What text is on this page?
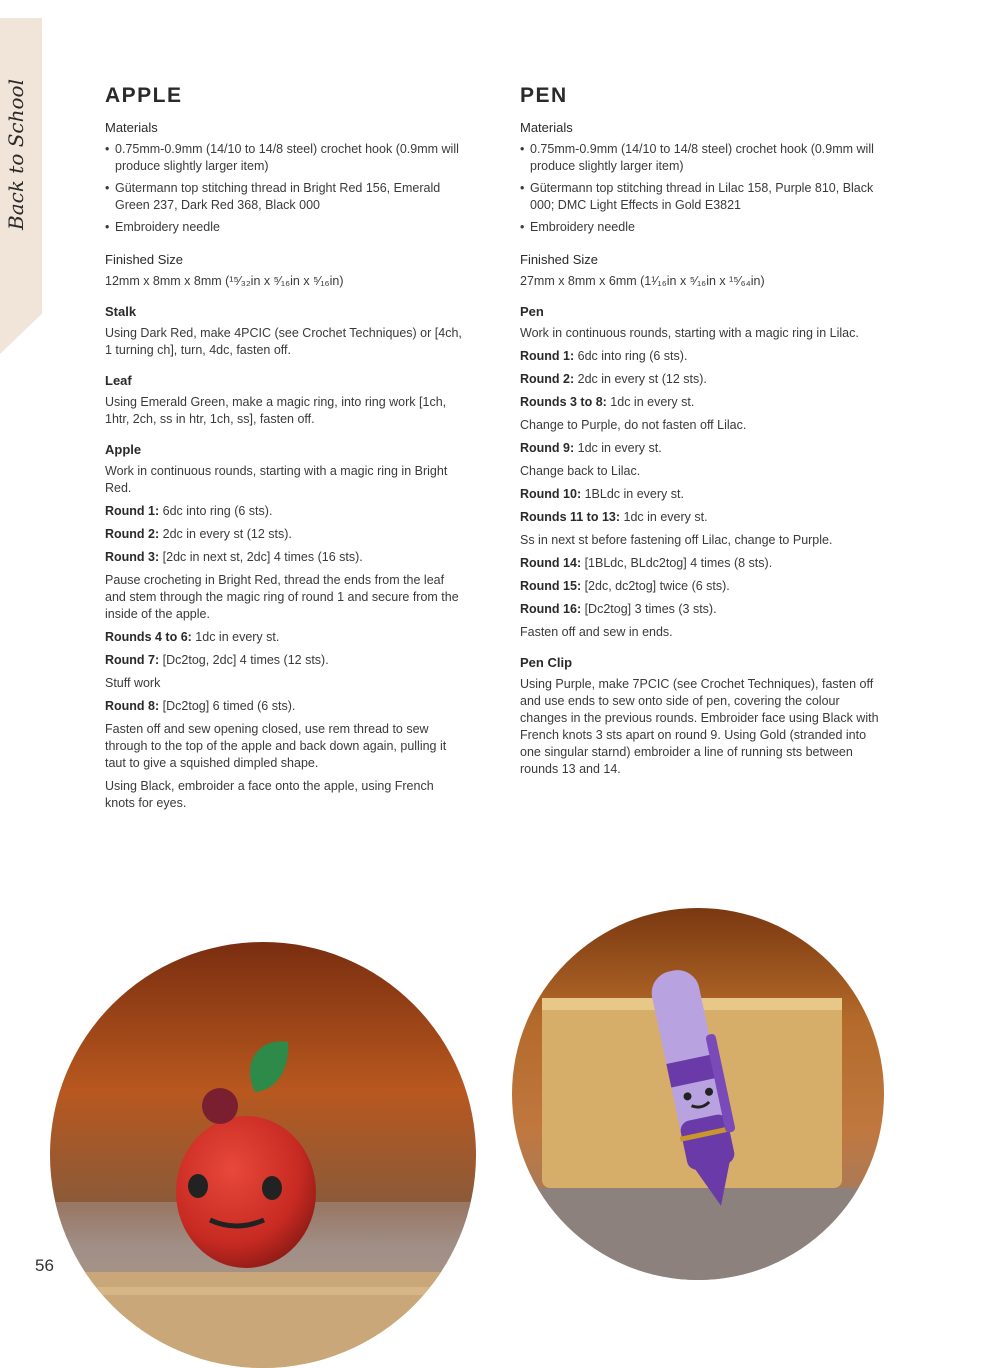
Back to School	APPLE
Materials
• 0.75mm-0.9mm (14/10 to 14/8 steel) crochet hook (0.9mm will produce slightly larger item)
• Gütermann top stitching thread in Bright Red 156, Emerald Green 237, Dark Red 368, Black 000
• Embroidery needle
Finished Size

12mm x 8mm x 8mm (¹⁵⁄₃₂in x ⁵⁄₁₆in x ⁵⁄₁₆in)

Stalk

Using Dark Red, make 4PCIC (see Crochet Techniques) or [4ch, 1 turning ch], turn, 4dc, fasten off.

Leaf

Using Emerald Green, make a magic ring, into ring work [1ch, 1htr, 2ch, ss in htr, 1ch, ss], fasten off.

Apple

Work in continuous rounds, starting with a magic ring in Bright Red.

Round 1: 6dc into ring (6 sts).

Round 2: 2dc in every st (12 sts).

Round 3: [2dc in next st, 2dc] 4 times (16 sts).

Pause crocheting in Bright Red, thread the ends from the leaf and stem through the magic ring of round 1 and secure from the inside of the apple.

Rounds 4 to 6: 1dc in every st.

Round 7: [Dc2tog, 2dc] 4 times (12 sts).

Stuff work

Round 8: [Dc2tog] 6 timed (6 sts).

Fasten off and sew opening closed, use rem thread to sew through to the top of the apple and back down again, pulling it taut to give a squished dimpled shape.

Using Black, embroider a face onto the apple, using French knots for eyes.

PEN
Materials
• 0.75mm-0.9mm (14/10 to 14/8 steel) crochet hook (0.9mm will produce slightly larger item)
• Gütermann top stitching thread in Lilac 158, Purple 810, Black 000; DMC Light Effects in Gold E3821
• Embroidery needle
Finished Size

27mm x 8mm x 6mm (1¹⁄₁₆in x ⁵⁄₁₆in x ¹⁵⁄₆₄in)

Pen

Work in continuous rounds, starting with a magic ring in Lilac.

Round 1: 6dc into ring (6 sts).

Round 2: 2dc in every st (12 sts).

Rounds 3 to 8: 1dc in every st.

Change to Purple, do not fasten off Lilac.

Round 9: 1dc in every st.

Change back to Lilac.

Round 10: 1BLdc in every st.

Rounds 11 to 13: 1dc in every st.

Ss in next st before fastening off Lilac, change to Purple.

Round 14: [1BLdc, BLdc2tog] 4 times (8 sts).

Round 15: [2dc, dc2tog] twice (6 sts).

Round 16: [Dc2tog] 3 times (3 sts).

Fasten off and sew in ends.

Pen Clip

Using Purple, make 7PCIC (see Crochet Techniques), fasten off and use ends to sew onto side of pen, covering the colour changes in the previous rounds. Embroider face using Black with French knots 3 sts apart on round 9. Using Gold (stranded into one singular starnd) embroider a line of running sts between rounds 13 and 14.

56
